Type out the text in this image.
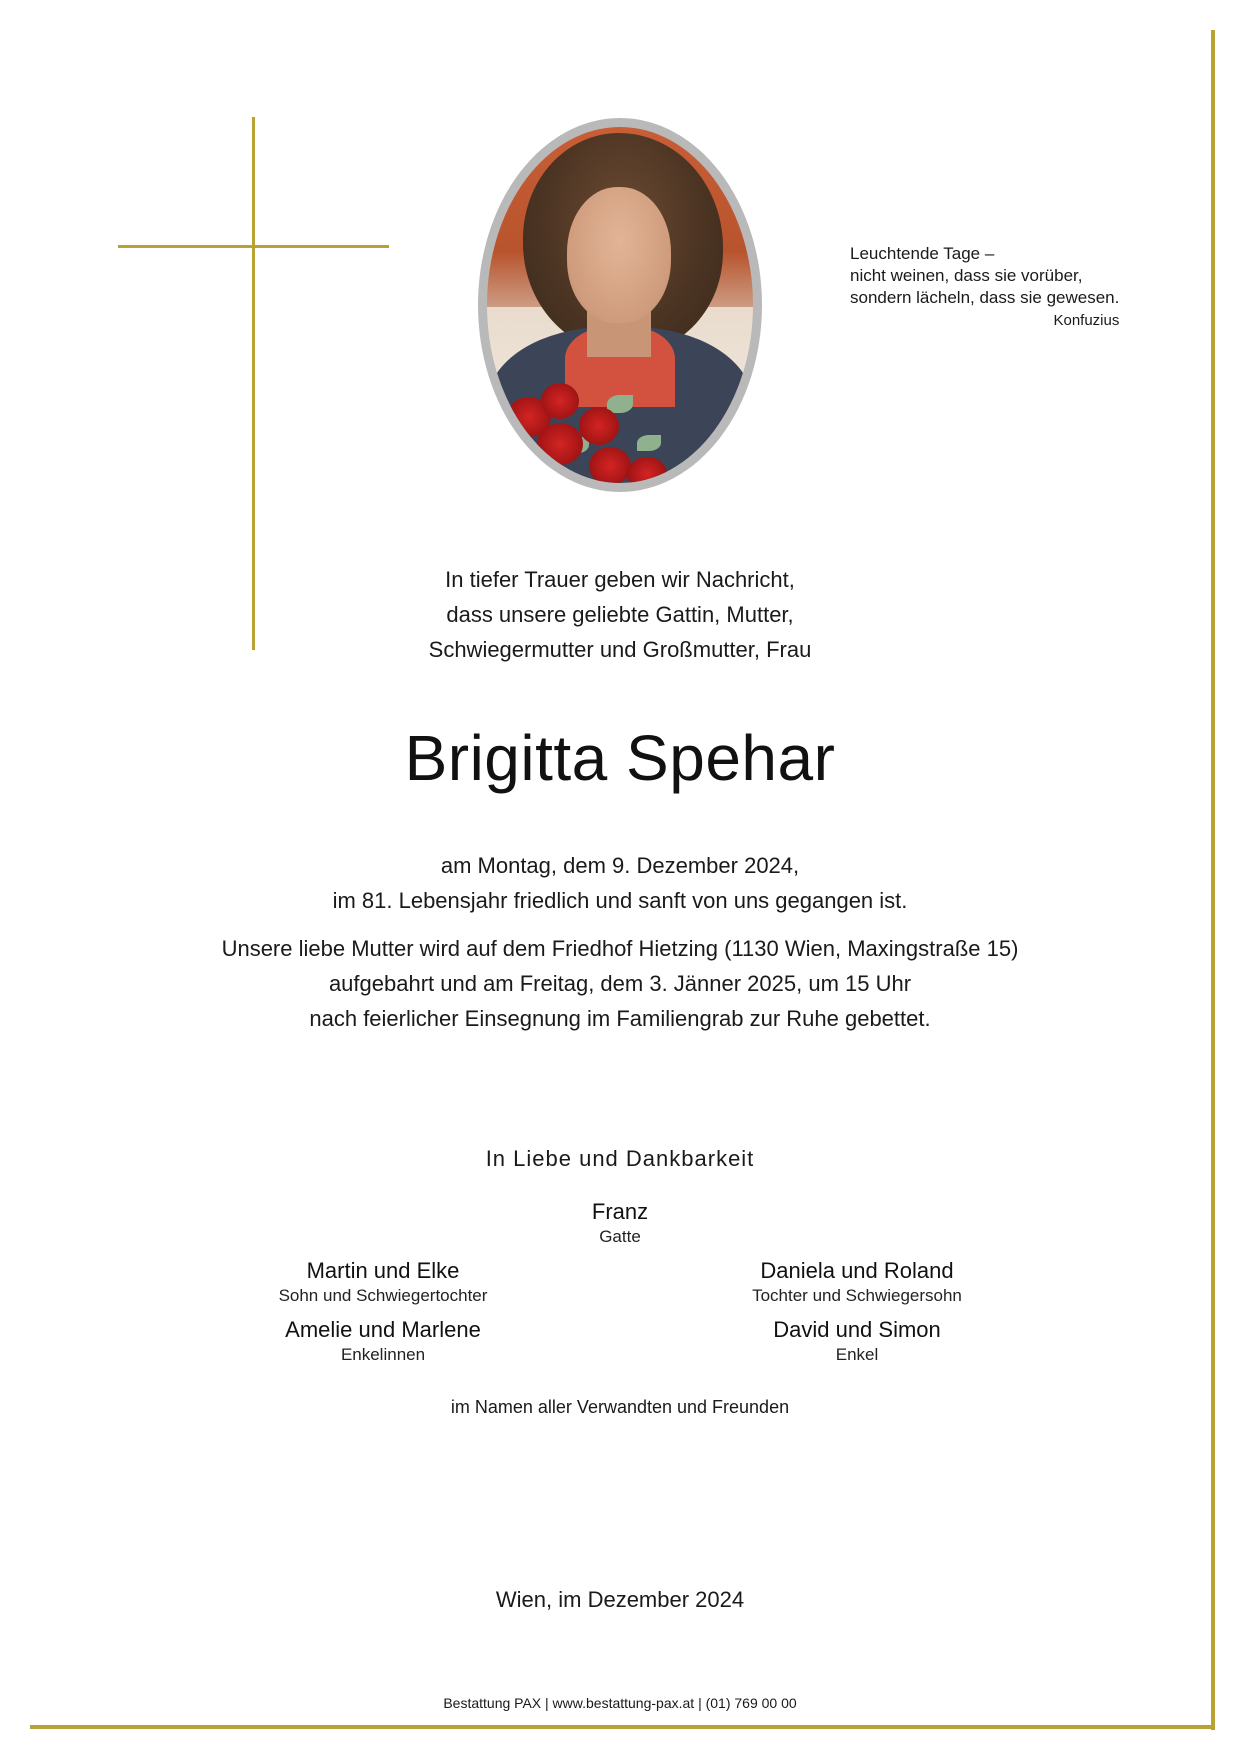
Leuchtende Tage –
nicht weinen, dass sie vorüber,
sondern lächeln, dass sie gewesen.
Konfuzius
In tiefer Trauer geben wir Nachricht,
dass unsere geliebte Gattin, Mutter,
Schwiegermutter und Großmutter, Frau
Brigitta Spehar
am Montag, dem 9. Dezember 2024,
im 81. Lebensjahr friedlich und sanft von uns gegangen ist.
Unsere liebe Mutter wird auf dem Friedhof Hietzing (1130 Wien, Maxingstraße 15)
aufgebahrt und am Freitag, dem 3. Jänner 2025, um 15 Uhr
nach feierlicher Einsegnung im Familiengrab zur Ruhe gebettet.
In Liebe und Dankbarkeit
Franz
Gatte
Martin und Elke
Sohn und Schwiegertochter
Daniela und Roland
Tochter und Schwiegersohn
Amelie und Marlene
Enkelinnen
David und Simon
Enkel
im Namen aller Verwandten und Freunden
Wien, im Dezember 2024
Bestattung PAX | www.bestattung-pax.at | (01) 769 00 00
